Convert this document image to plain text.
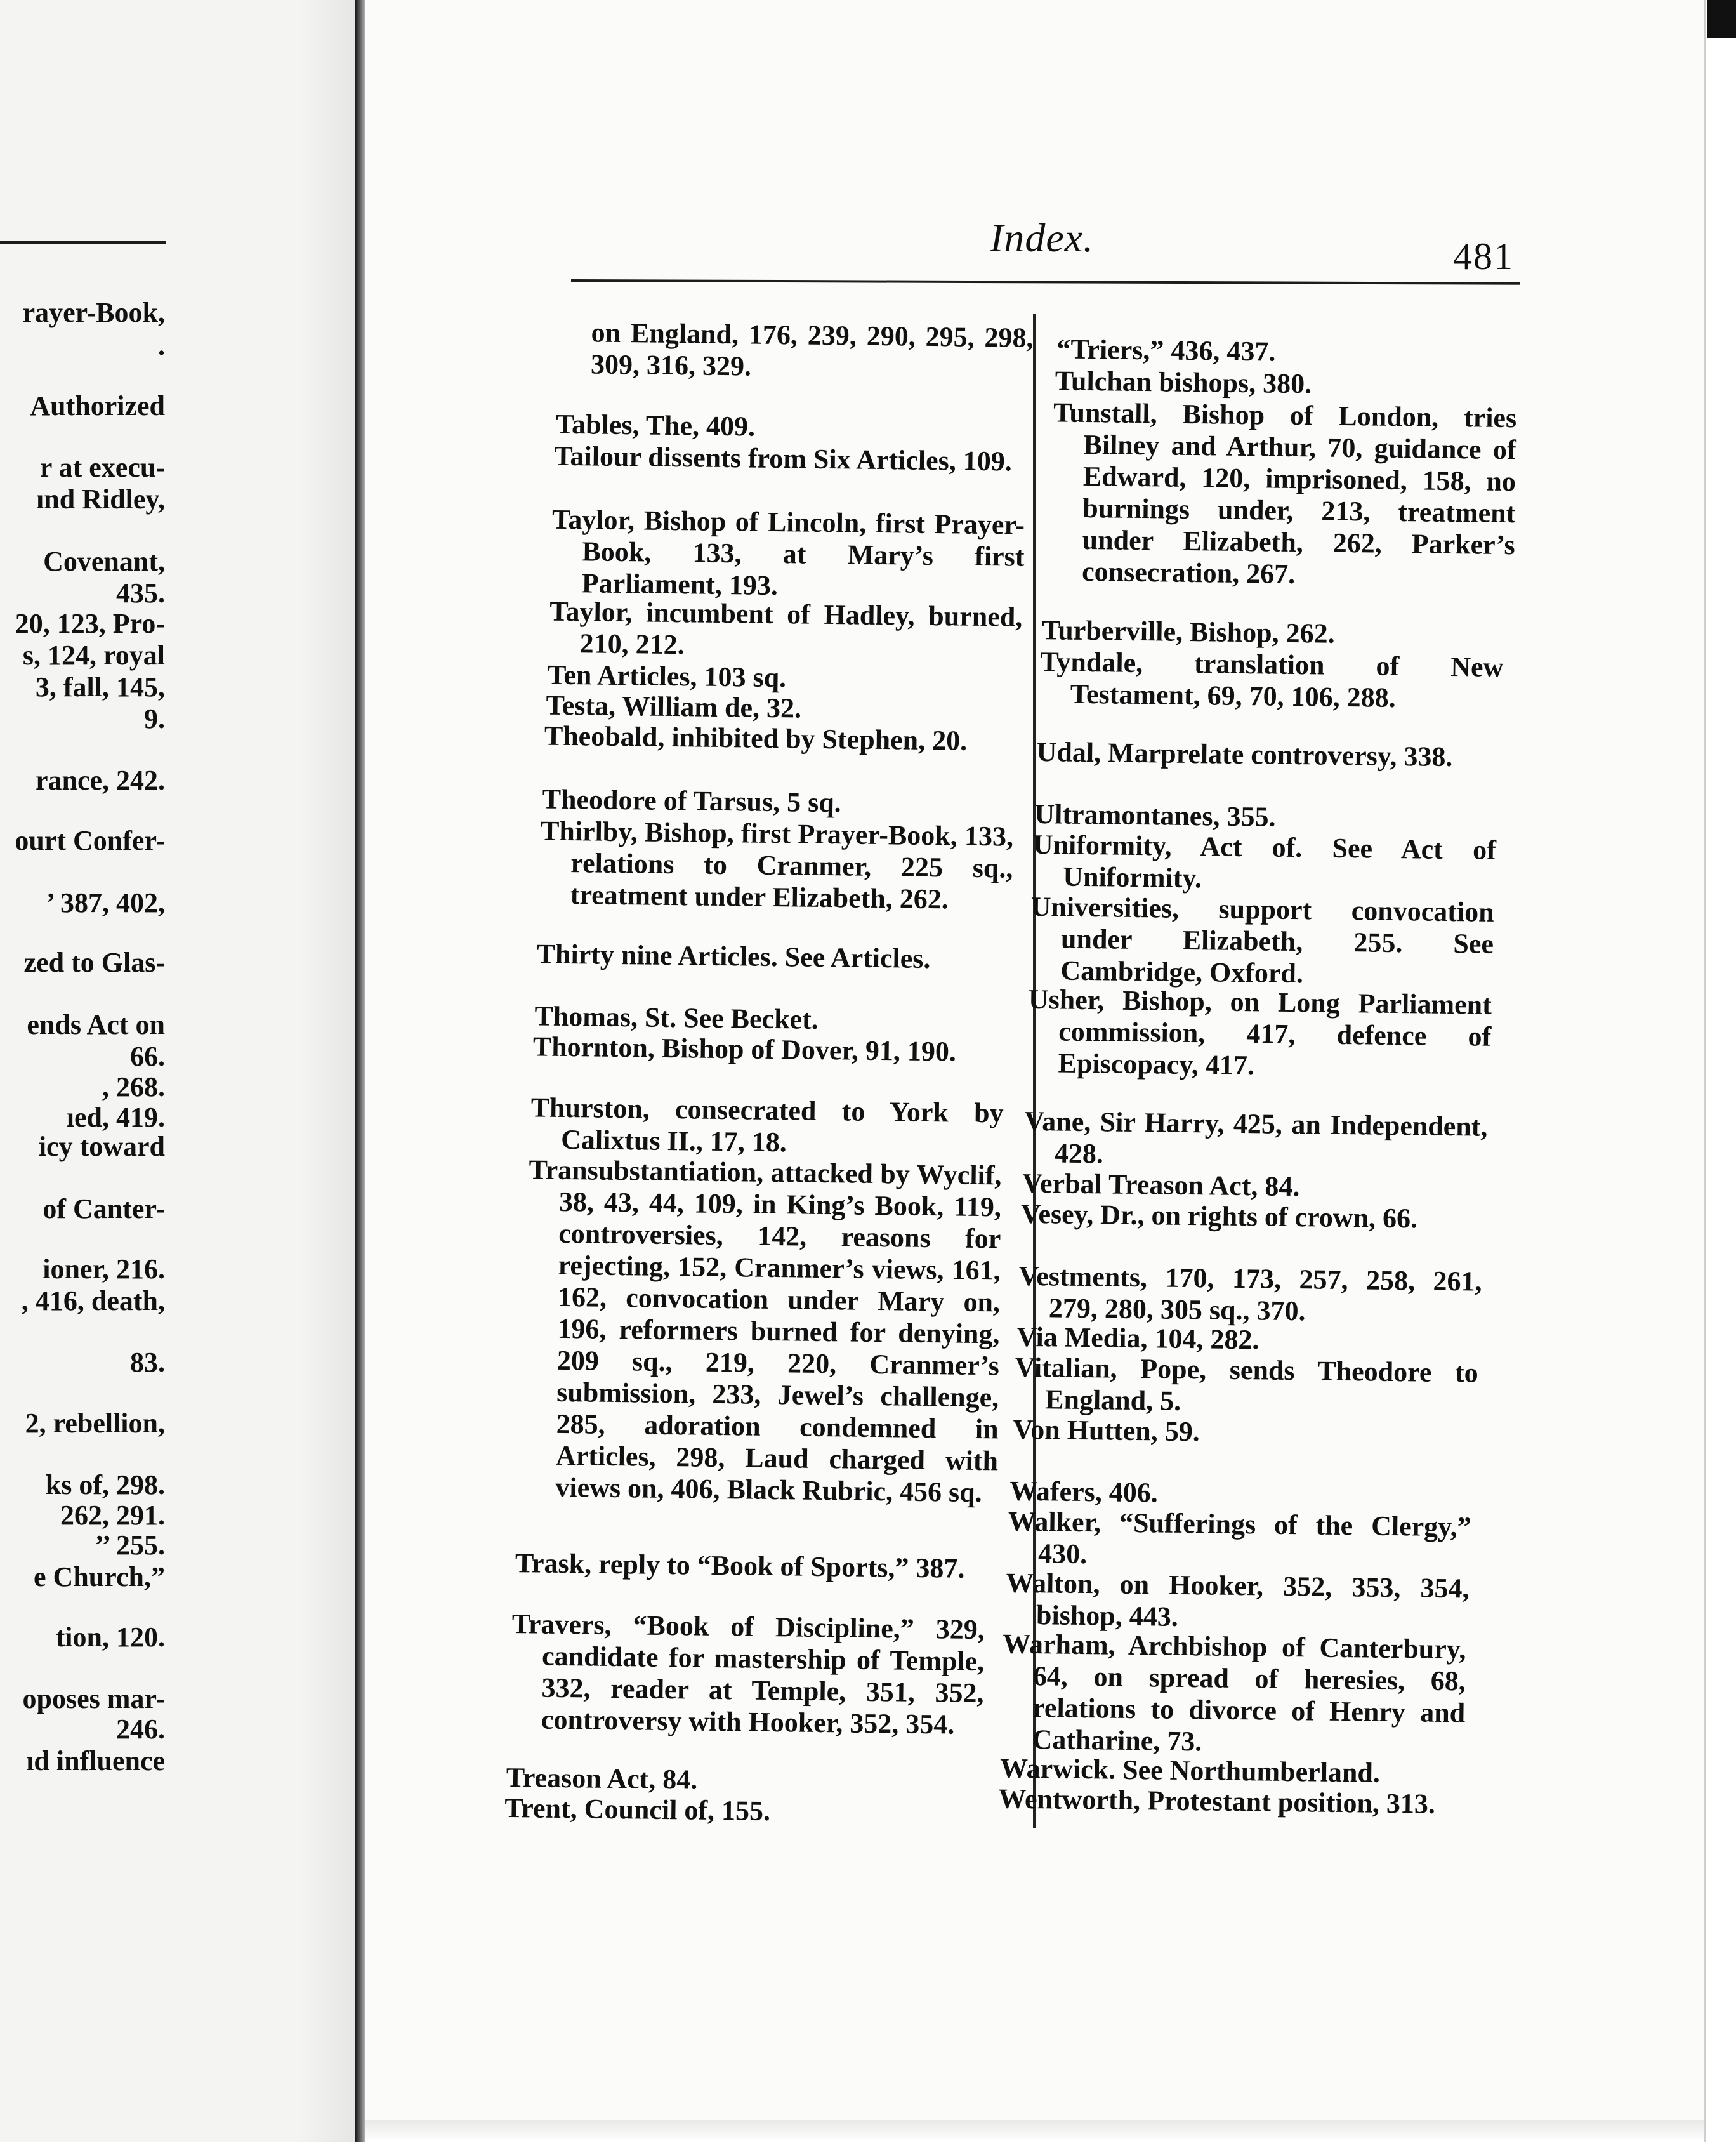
rayer-Book,
.
Authorized
r at execu-
ınd Ridley,
Covenant,
435.
20, 123, Pro-
s, 124, royal
3, fall, 145,
9.
rance, 242.
ourt Confer-
’ 387, 402,
zed to Glas-
ends Act on
66.
, 268.
ıed, 419.
icy toward
of Canter-
ioner, 216.
, 416, death,
83.
2, rebellion,
ks of, 298.
262, 291.
’’ 255.
e Church,”
tion, 120.
oposes mar-
246.
ıd influence
Index.	481

on England, 176, 239, 290, 295, 298, 309, 316, 329.

Tables, The, 409.

Tailour dissents from Six Articles, 109.

Taylor, Bishop of Lincoln, first Prayer-Book, 133, at Mary’s first Parliament, 193.

Taylor, incumbent of Hadley, burned, 210, 212.

Ten Articles, 103 sq.

Testa, William de, 32.

Theobald, inhibited by Stephen, 20.

Theodore of Tarsus, 5 sq.

Thirlby, Bishop, first Prayer-Book, 133, relations to Cranmer, 225 sq., treatment under Elizabeth, 262.

Thirty nine Articles. See Articles.

Thomas, St. See Becket.

Thornton, Bishop of Dover, 91, 190.

Thurston, consecrated to York by Calixtus II., 17, 18.

Transubstantiation, attacked by Wyclif, 38, 43, 44, 109, in King’s Book, 119, controversies, 142, reasons for rejecting, 152, Cranmer’s views, 161, 162, convocation under Mary on, 196, reformers burned for denying, 209 sq., 219, 220, Cranmer’s submission, 233, Jewel’s challenge, 285, adoration condemned in Articles, 298, Laud charged with views on, 406, Black Rubric, 456 sq.

Trask, reply to “Book of Sports,” 387.

Travers, “Book of Discipline,” 329, candidate for mastership of Temple, 332, reader at Temple, 351, 352, controversy with Hooker, 352, 354.

Treason Act, 84.

Trent, Council of, 155.

“Triers,” 436, 437.

Tulchan bishops, 380.

Tunstall, Bishop of London, tries Bilney and Arthur, 70, guidance of Edward, 120, imprisoned, 158, no burnings under, 213, treatment under Elizabeth, 262, Parker’s consecration, 267.

Turberville, Bishop, 262.

Tyndale, translation of New Testament, 69, 70, 106, 288.

Udal, Marprelate controversy, 338.

Ultramontanes, 355.

Uniformity, Act of. See Act of Uniformity.

Universities, support convocation under Elizabeth, 255. See Cambridge, Oxford.

Usher, Bishop, on Long Parliament commission, 417, defence of Episcopacy, 417.

Vane, Sir Harry, 425, an Independent, 428.

Verbal Treason Act, 84.

Vesey, Dr., on rights of crown, 66.

Vestments, 170, 173, 257, 258, 261, 279, 280, 305 sq., 370.

Via Media, 104, 282.

Vitalian, Pope, sends Theodore to England, 5.

Von Hutten, 59.

Wafers, 406.

Walker, “Sufferings of the Clergy,” 430.

Walton, on Hooker, 352, 353, 354, bishop, 443.

Warham, Archbishop of Canterbury, 64, on spread of heresies, 68, relations to divorce of Henry and Catharine, 73.

Warwick. See Northumberland.

Wentworth, Protestant position, 313.
